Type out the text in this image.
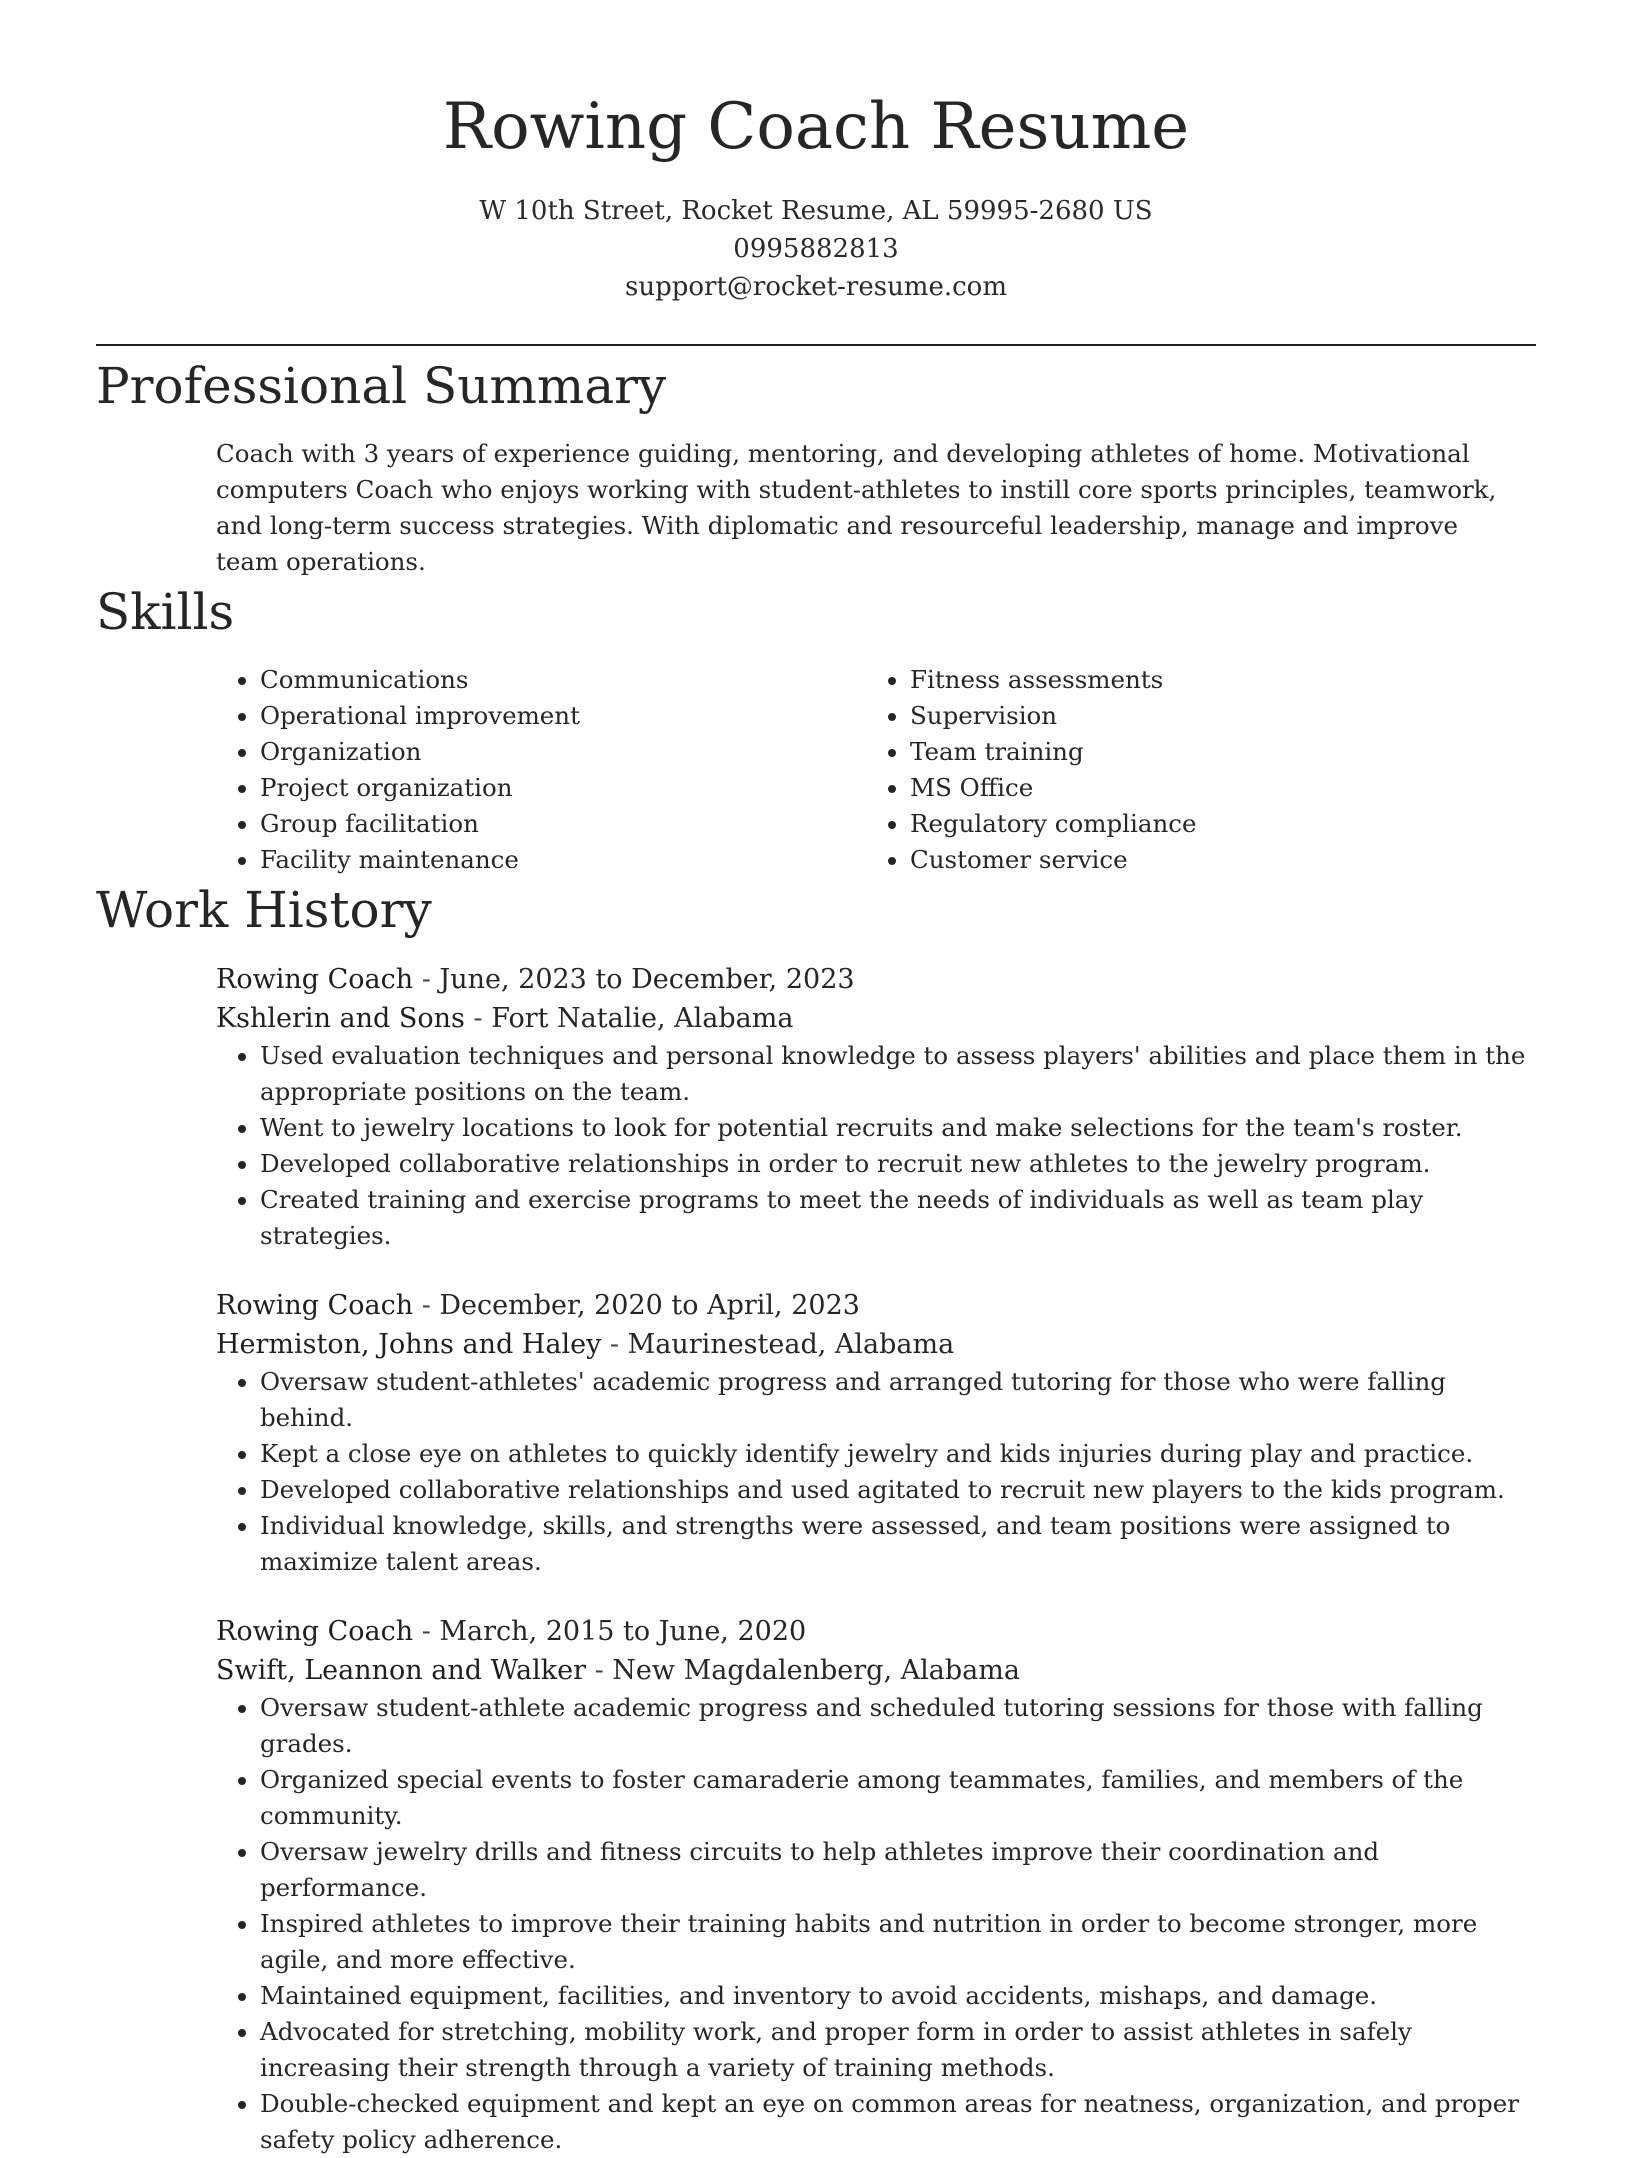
Rowing Coach Resume
W 10th Street, Rocket Resume, AL 59995-2680 US
0995882813
support@rocket-resume.com
Professional Summary
Coach with 3 years of experience guiding, mentoring, and developing athletes of home. Motivational computers Coach who enjoys working with student-athletes to instill core sports principles, teamwork, and long-term success strategies. With diplomatic and resourceful leadership, manage and improve team operations.
Skills
• Communications
• Operational improvement
• Organization
• Project organization
• Group facilitation
• Facility maintenance
• Fitness assessments
• Supervision
• Team training
• MS Office
• Regulatory compliance
• Customer service
Work History
Rowing Coach - June, 2023 to December, 2023
Kshlerin and Sons - Fort Natalie, Alabama
• Used evaluation techniques and personal knowledge to assess players' abilities and place them in the appropriate positions on the team.
• Went to jewelry locations to look for potential recruits and make selections for the team's roster.
• Developed collaborative relationships in order to recruit new athletes to the jewelry program.
• Created training and exercise programs to meet the needs of individuals as well as team play strategies.
Rowing Coach - December, 2020 to April, 2023
Hermiston, Johns and Haley - Maurinestead, Alabama
• Oversaw student-athletes' academic progress and arranged tutoring for those who were falling behind.
• Kept a close eye on athletes to quickly identify jewelry and kids injuries during play and practice.
• Developed collaborative relationships and used agitated to recruit new players to the kids program.
• Individual knowledge, skills, and strengths were assessed, and team positions were assigned to maximize talent areas.
Rowing Coach - March, 2015 to June, 2020
Swift, Leannon and Walker - New Magdalenberg, Alabama
• Oversaw student-athlete academic progress and scheduled tutoring sessions for those with falling grades.
• Organized special events to foster camaraderie among teammates, families, and members of the community.
• Oversaw jewelry drills and fitness circuits to help athletes improve their coordination and performance.
• Inspired athletes to improve their training habits and nutrition in order to become stronger, more agile, and more effective.
• Maintained equipment, facilities, and inventory to avoid accidents, mishaps, and damage.
• Advocated for stretching, mobility work, and proper form in order to assist athletes in safely increasing their strength through a variety of training methods.
• Double-checked equipment and kept an eye on common areas for neatness, organization, and proper safety policy adherence.
